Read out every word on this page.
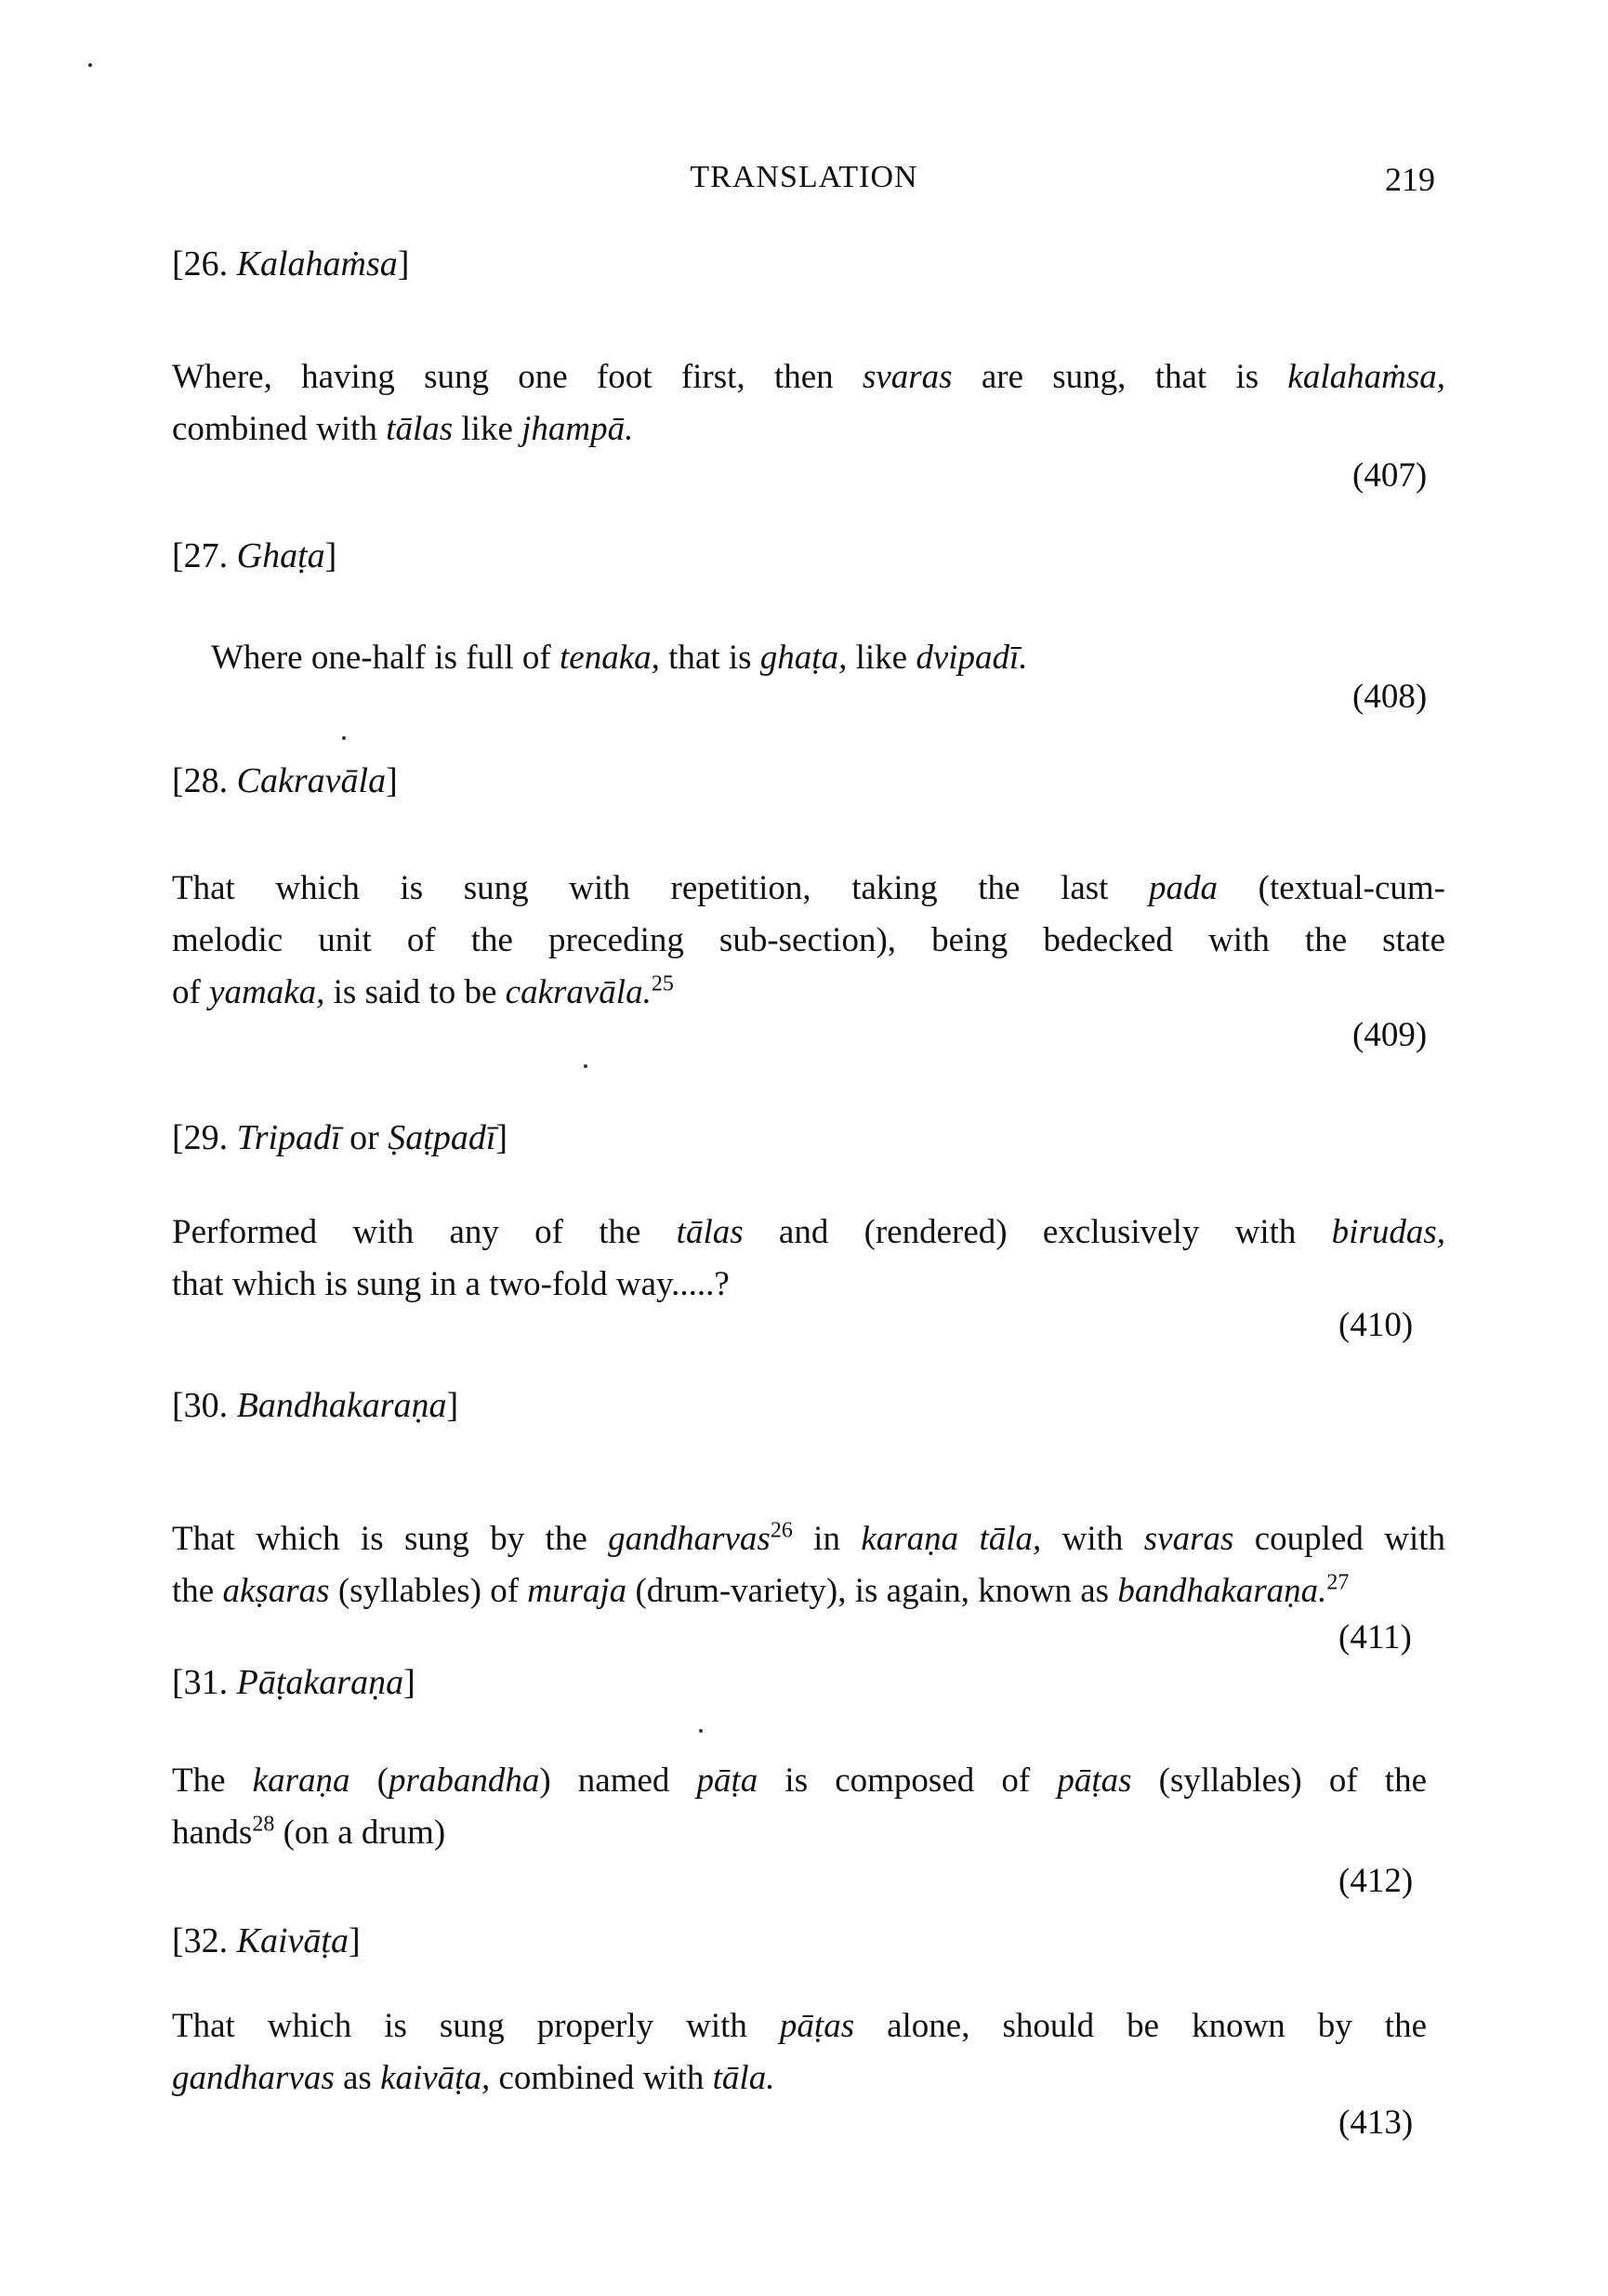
TRANSLATION	219
[26. Kalahaṁsa]
Where, having sung one foot first, then svaras are sung, that is kalahaṁsa,
combined with tālas like jhampā.
(407)
[27. Ghaṭa]
Where one-half is full of tenaka, that is ghaṭa, like dvipadī.
(408)
[28. Cakravāla]
That which is sung with repetition, taking the last pada (textual-cum-
melodic unit of the preceding sub-section), being bedecked with the state
of yamaka, is said to be cakravāla.$^{25}$
(409)
[29. Tripadī or Ṣaṭpadī]
Performed with any of the tālas and (rendered) exclusively with birudas,
that which is sung in a two-fold way.....?
(410)
[30. Bandhakaraṇa]
That which is sung by the gandharvas$^{26}$ in karaṇa tāla, with svaras coupled with
the akṣaras (syllables) of muraja (drum-variety), is again, known as bandhakaraṇa.$^{27}$
(411)
[31. Pāṭakaraṇa]
The karaṇa (prabandha) named pāṭa is composed of pāṭas (syllables) of the
hands$^{28}$ (on a drum)
(412)
[32. Kaivāṭa]
That which is sung properly with pāṭas alone, should be known by the
gandharvas as kaivāṭa, combined with tāla.
(413)
